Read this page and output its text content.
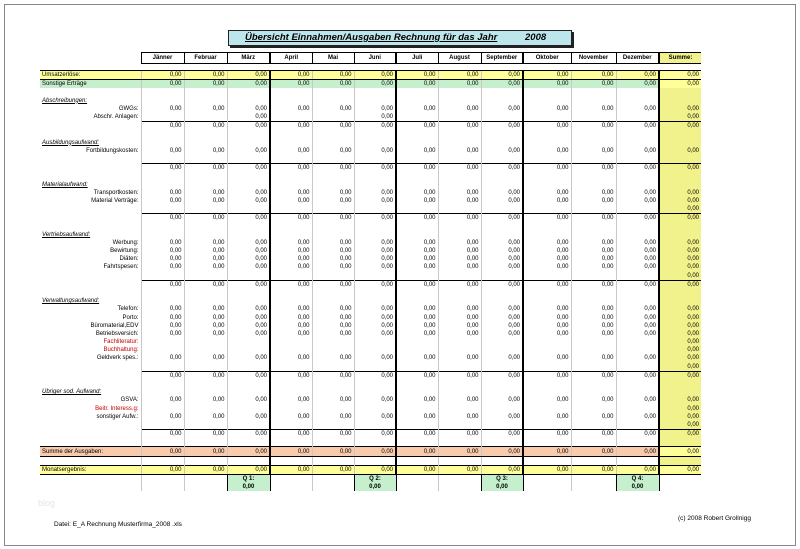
Übersicht Einnahmen/Ausgaben Rechnung für das Jahr	2008
	Jänner	Februar	März	April	Mai	Juni	Juli	August	September	Oktober	November	Dezember	Summe:

Umsatzerlöse:	0,00	0,00	0,00	0,00	0,00	0,00	0,00	0,00	0,00	0,00	0,00	0,00	0,00
Sonstige Erträge	0,00	0,00	0,00	0,00	0,00	0,00	0,00	0,00	0,00	0,00	0,00	0,00	0,00

Abschreibungen:													
GWGs:	0,00	0,00	0,00	0,00	0,00	0,00	0,00	0,00	0,00	0,00	0,00	0,00	0,00
Abschr. Anlagen:			0,00			0,00							0,00
	0,00	0,00	0,00	0,00	0,00	0,00	0,00	0,00	0,00	0,00	0,00	0,00	0,00

Ausbildungsaufwand:													
Fortbildungskosten:	0,00	0,00	0,00	0,00	0,00	0,00	0,00	0,00	0,00	0,00	0,00	0,00	0,00

	0,00	0,00	0,00	0,00	0,00	0,00	0,00	0,00	0,00	0,00	0,00	0,00	0,00

Materialaufwand:													
Transportkosten:	0,00	0,00	0,00	0,00	0,00	0,00	0,00	0,00	0,00	0,00	0,00	0,00	0,00
Material Verträge:	0,00	0,00	0,00	0,00	0,00	0,00	0,00	0,00	0,00	0,00	0,00	0,00	0,00
													0,00
	0,00	0,00	0,00	0,00	0,00	0,00	0,00	0,00	0,00	0,00	0,00	0,00	0,00

Vertriebsaufwand:													
Werbung:	0,00	0,00	0,00	0,00	0,00	0,00	0,00	0,00	0,00	0,00	0,00	0,00	0,00
Bewirtung:	0,00	0,00	0,00	0,00	0,00	0,00	0,00	0,00	0,00	0,00	0,00	0,00	0,00
Diäten:	0,00	0,00	0,00	0,00	0,00	0,00	0,00	0,00	0,00	0,00	0,00	0,00	0,00
Fahrtspesen:	0,00	0,00	0,00	0,00	0,00	0,00	0,00	0,00	0,00	0,00	0,00	0,00	0,00
													0,00
	0,00	0,00	0,00	0,00	0,00	0,00	0,00	0,00	0,00	0,00	0,00	0,00	0,00

Verwaltungsaufwand:													
Telefon:	0,00	0,00	0,00	0,00	0,00	0,00	0,00	0,00	0,00	0,00	0,00	0,00	0,00
Porto:	0,00	0,00	0,00	0,00	0,00	0,00	0,00	0,00	0,00	0,00	0,00	0,00	0,00
Büromaterial,EDV	0,00	0,00	0,00	0,00	0,00	0,00	0,00	0,00	0,00	0,00	0,00	0,00	0,00
Betriebsversich:	0,00	0,00	0,00	0,00	0,00	0,00	0,00	0,00	0,00	0,00	0,00	0,00	0,00
Fachliteratur:													0,00
Buchhaltung:													0,00
Geldverk spes.:	0,00	0,00	0,00	0,00	0,00	0,00	0,00	0,00	0,00	0,00	0,00	0,00	0,00
													0,00
	0,00	0,00	0,00	0,00	0,00	0,00	0,00	0,00	0,00	0,00	0,00	0,00	0,00

Übriger sod. Aufwand:													
GSVA:	0,00	0,00	0,00	0,00	0,00	0,00	0,00	0,00	0,00	0,00	0,00	0,00	0,00
Beitr. Interess.g:													0,00
sonstiger Aufw.:	0,00	0,00	0,00	0,00	0,00	0,00	0,00	0,00	0,00	0,00	0,00	0,00	0,00
													0,00
	0,00	0,00	0,00	0,00	0,00	0,00	0,00	0,00	0,00	0,00	0,00	0,00	0,00

Summe der Ausgaben:	0,00	0,00	0,00	0,00	0,00	0,00	0,00	0,00	0,00	0,00	0,00	0,00	0,00

Monatsergebnis:	0,00	0,00	0,00	0,00	0,00	0,00	0,00	0,00	0,00	0,00	0,00	0,00	0,00
			Q 1:			Q 2:			Q 3:			Q 4:	
			0,00			0,00			0,00			0,00	
blog
Datei: E_A Rechnung Musterfirma_2008 .xls
(c) 2008 Robert Grollnigg
